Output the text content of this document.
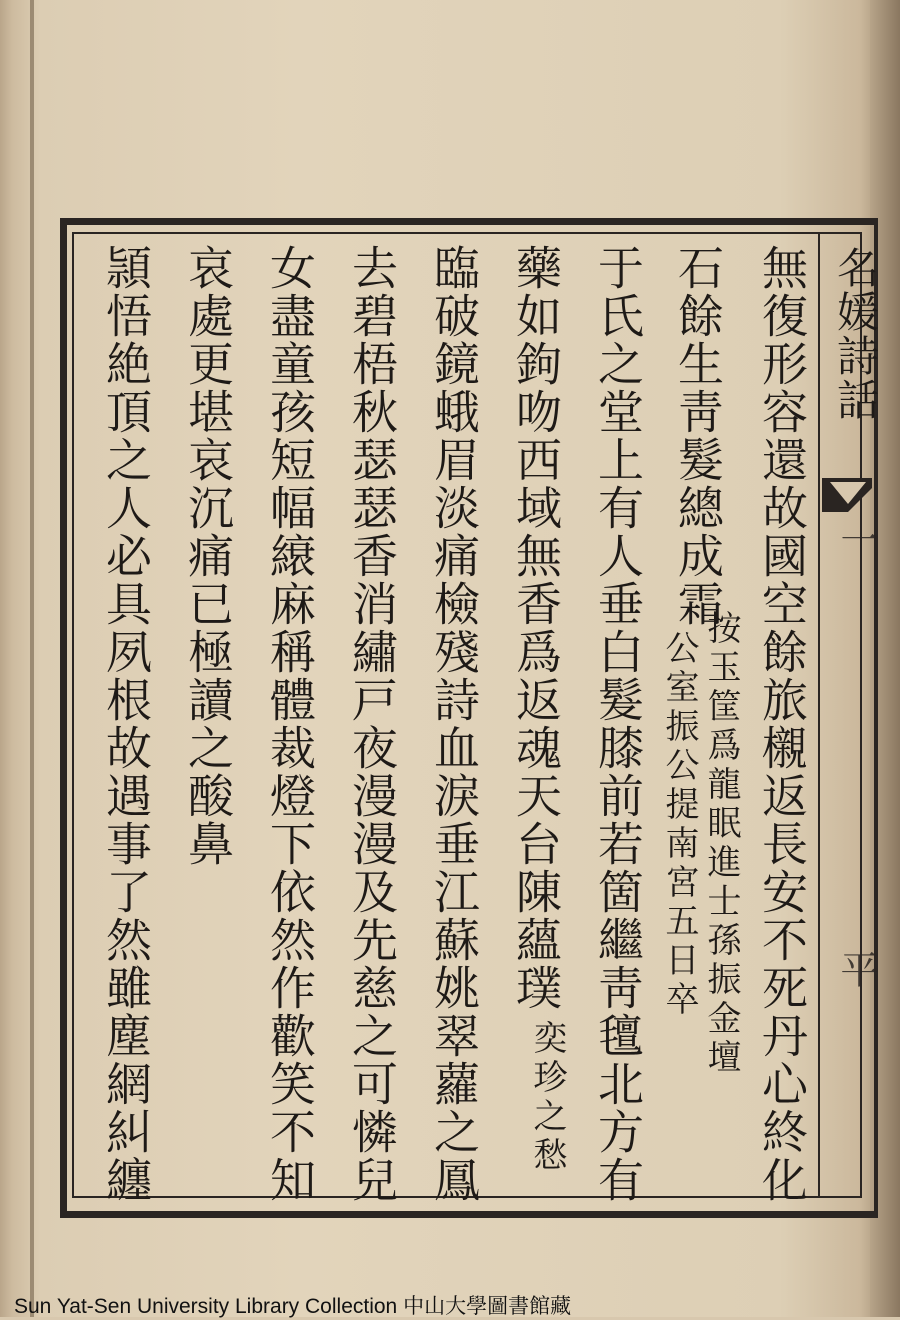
名媛詩話
一
平
無復形容還故國空餘旅櫬返長安不死丹心終化
石餘生靑髮總成霜
按玉筐爲龍眠進士孫振金壇
公室振公提南宮五日卒
于氏之堂上有人垂白髮膝前若箇繼靑氊北方有
藥如鉤吻西域無香爲返魂天台陳蘊璞
奕珍之愁
臨破鏡蛾眉淡痛檢殘詩血淚垂江蘇姚翠蘿之鳳
去碧梧秋瑟瑟香消繡戸夜漫漫及先慈之可憐兒
女盡童孩短幅縗麻稱體裁燈下依然作歡笑不知
哀處更堪哀沉痛已極讀之酸鼻
頴悟絶頂之人必具夙根故遇事了然雖塵網糾纏
Sun Yat-Sen University Library Collection 中山大學圖書館藏
